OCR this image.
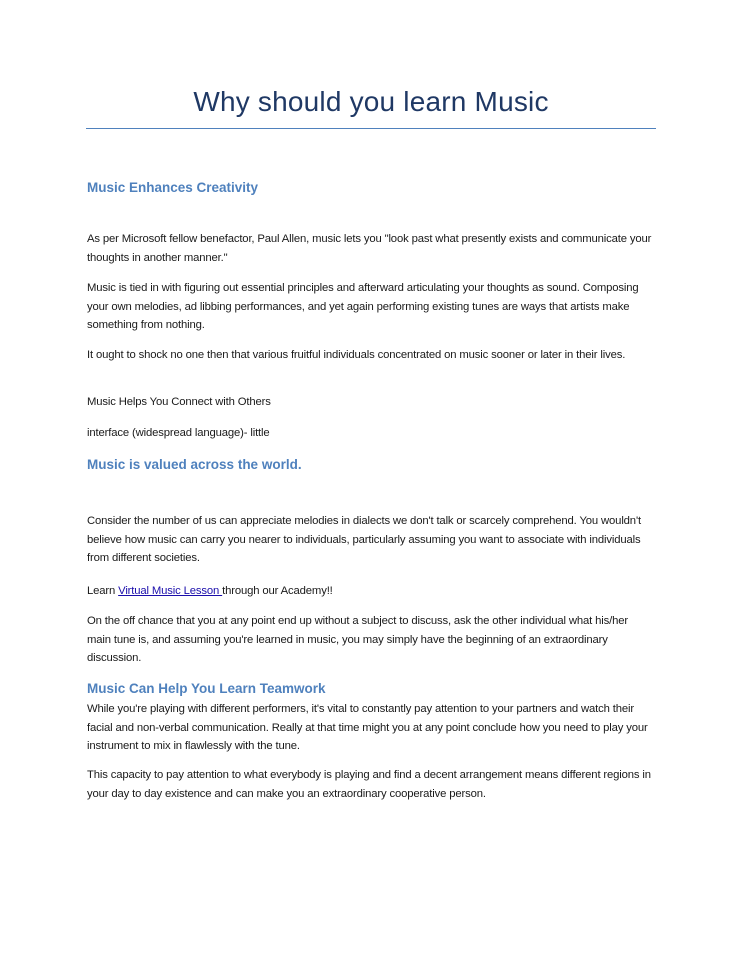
Why should you learn Music
Music Enhances Creativity
As per Microsoft fellow benefactor, Paul Allen, music lets you "look past what presently exists and communicate your thoughts in another manner."
Music is tied in with figuring out essential principles and afterward articulating your thoughts as sound. Composing your own melodies, ad libbing performances, and yet again performing existing tunes are ways that artists make something from nothing.
It ought to shock no one then that various fruitful individuals concentrated on music sooner or later in their lives.
Music Helps You Connect with Others
interface (widespread language)- little
Music is valued across the world.
Consider the number of us can appreciate melodies in dialects we don't talk or scarcely comprehend. You wouldn't believe how music can carry you nearer to individuals, particularly assuming you want to associate with individuals from different societies.
Learn Virtual Music Lesson through our Academy!!
On the off chance that you at any point end up without a subject to discuss, ask the other individual what his/her main tune is, and assuming you're learned in music, you may simply have the beginning of an extraordinary discussion.
Music Can Help You Learn Teamwork
While you're playing with different performers, it's vital to constantly pay attention to your partners and watch their facial and non-verbal communication. Really at that time might you at any point conclude how you need to play your instrument to mix in flawlessly with the tune.
This capacity to pay attention to what everybody is playing and find a decent arrangement means different regions in your day to day existence and can make you an extraordinary cooperative person.
